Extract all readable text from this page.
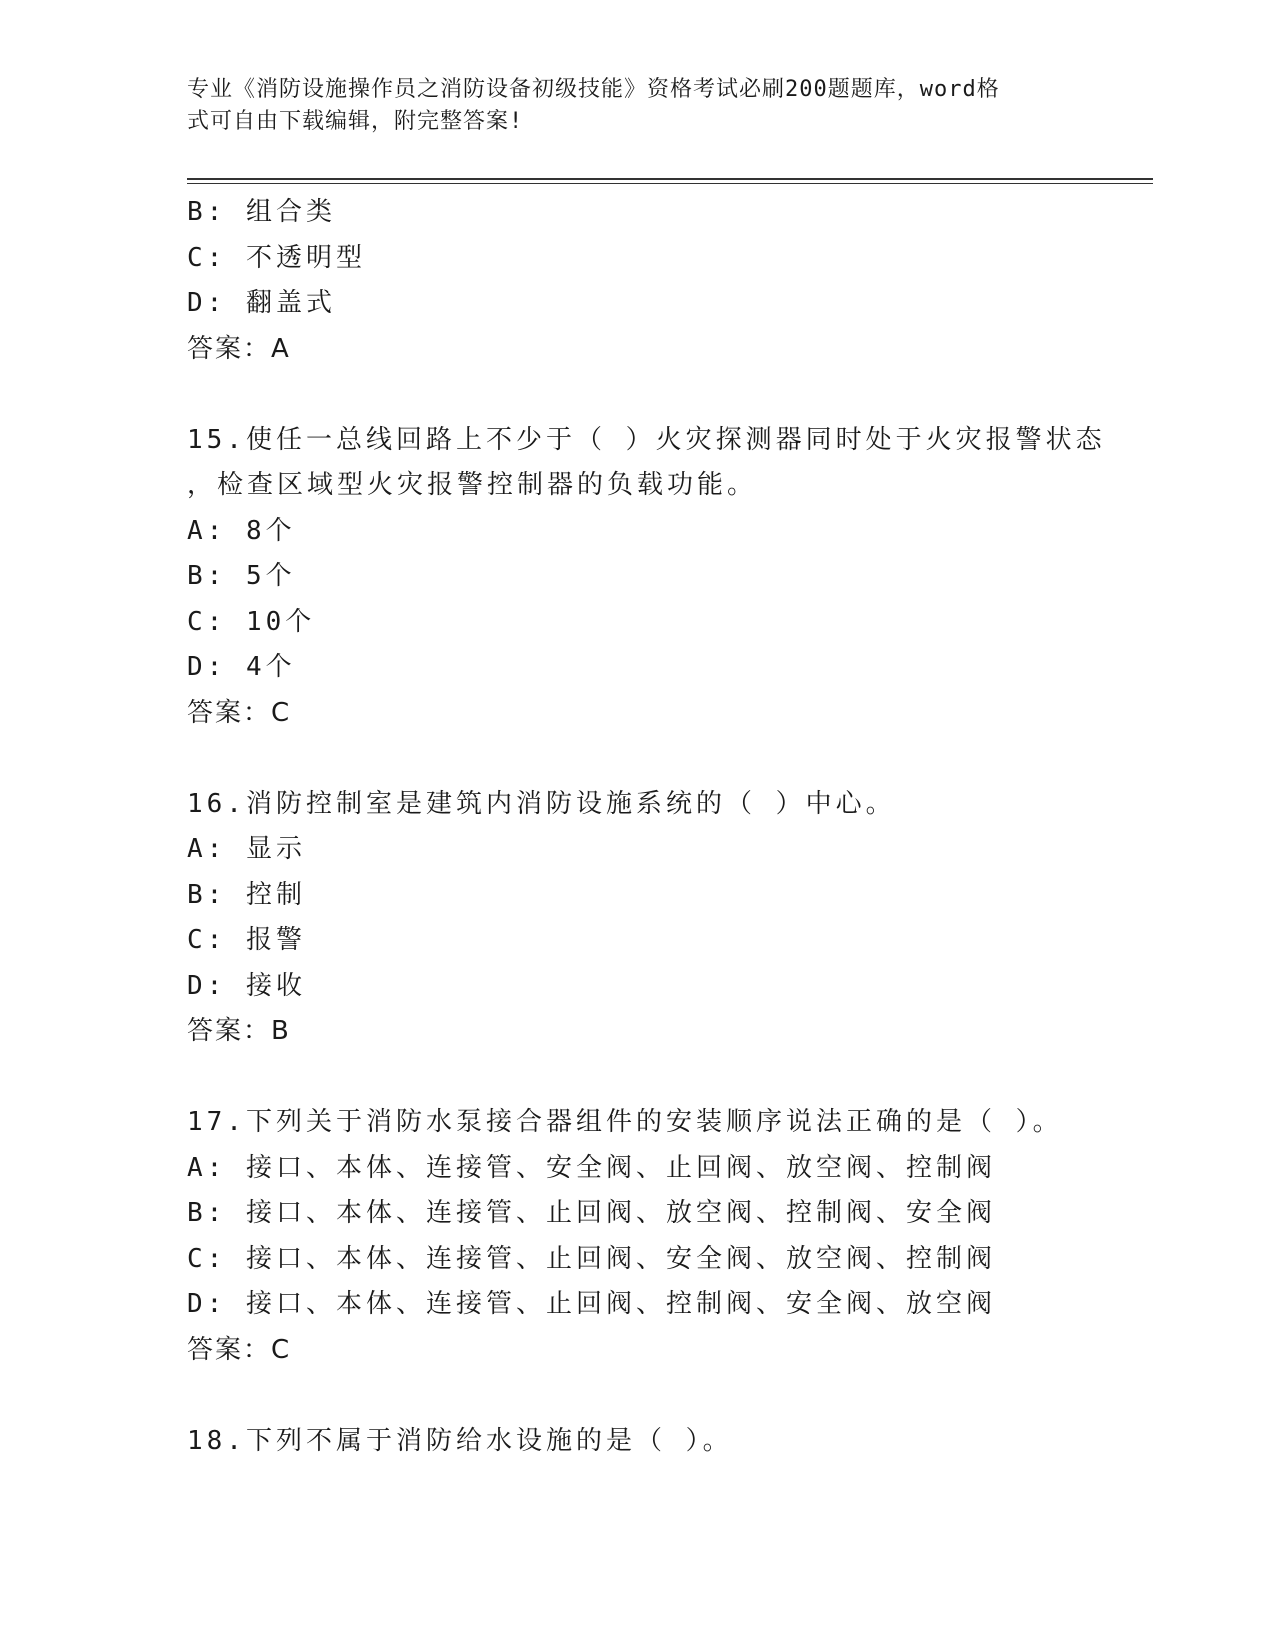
专业《消防设施操作员之消防设备初级技能》资格考试必刷200题题库，word格
式可自由下载编辑，附完整答案!
B: 组合类
C: 不透明型
D: 翻盖式
答案：A
15.使任一总线回路上不少于（ ）火灾探测器同时处于火灾报警状态
，检查区域型火灾报警控制器的负载功能。
A: 8个
B: 5个
C: 10个
D: 4个
答案：C
16.消防控制室是建筑内消防设施系统的（ ）中心。
A: 显示
B: 控制
C: 报警
D: 接收
答案：B
17.下列关于消防水泵接合器组件的安装顺序说法正确的是（ ）。
A: 接口、本体、连接管、安全阀、止回阀、放空阀、控制阀
B: 接口、本体、连接管、止回阀、放空阀、控制阀、安全阀
C: 接口、本体、连接管、止回阀、安全阀、放空阀、控制阀
D: 接口、本体、连接管、止回阀、控制阀、安全阀、放空阀
答案：C
18.下列不属于消防给水设施的是（ ）。
